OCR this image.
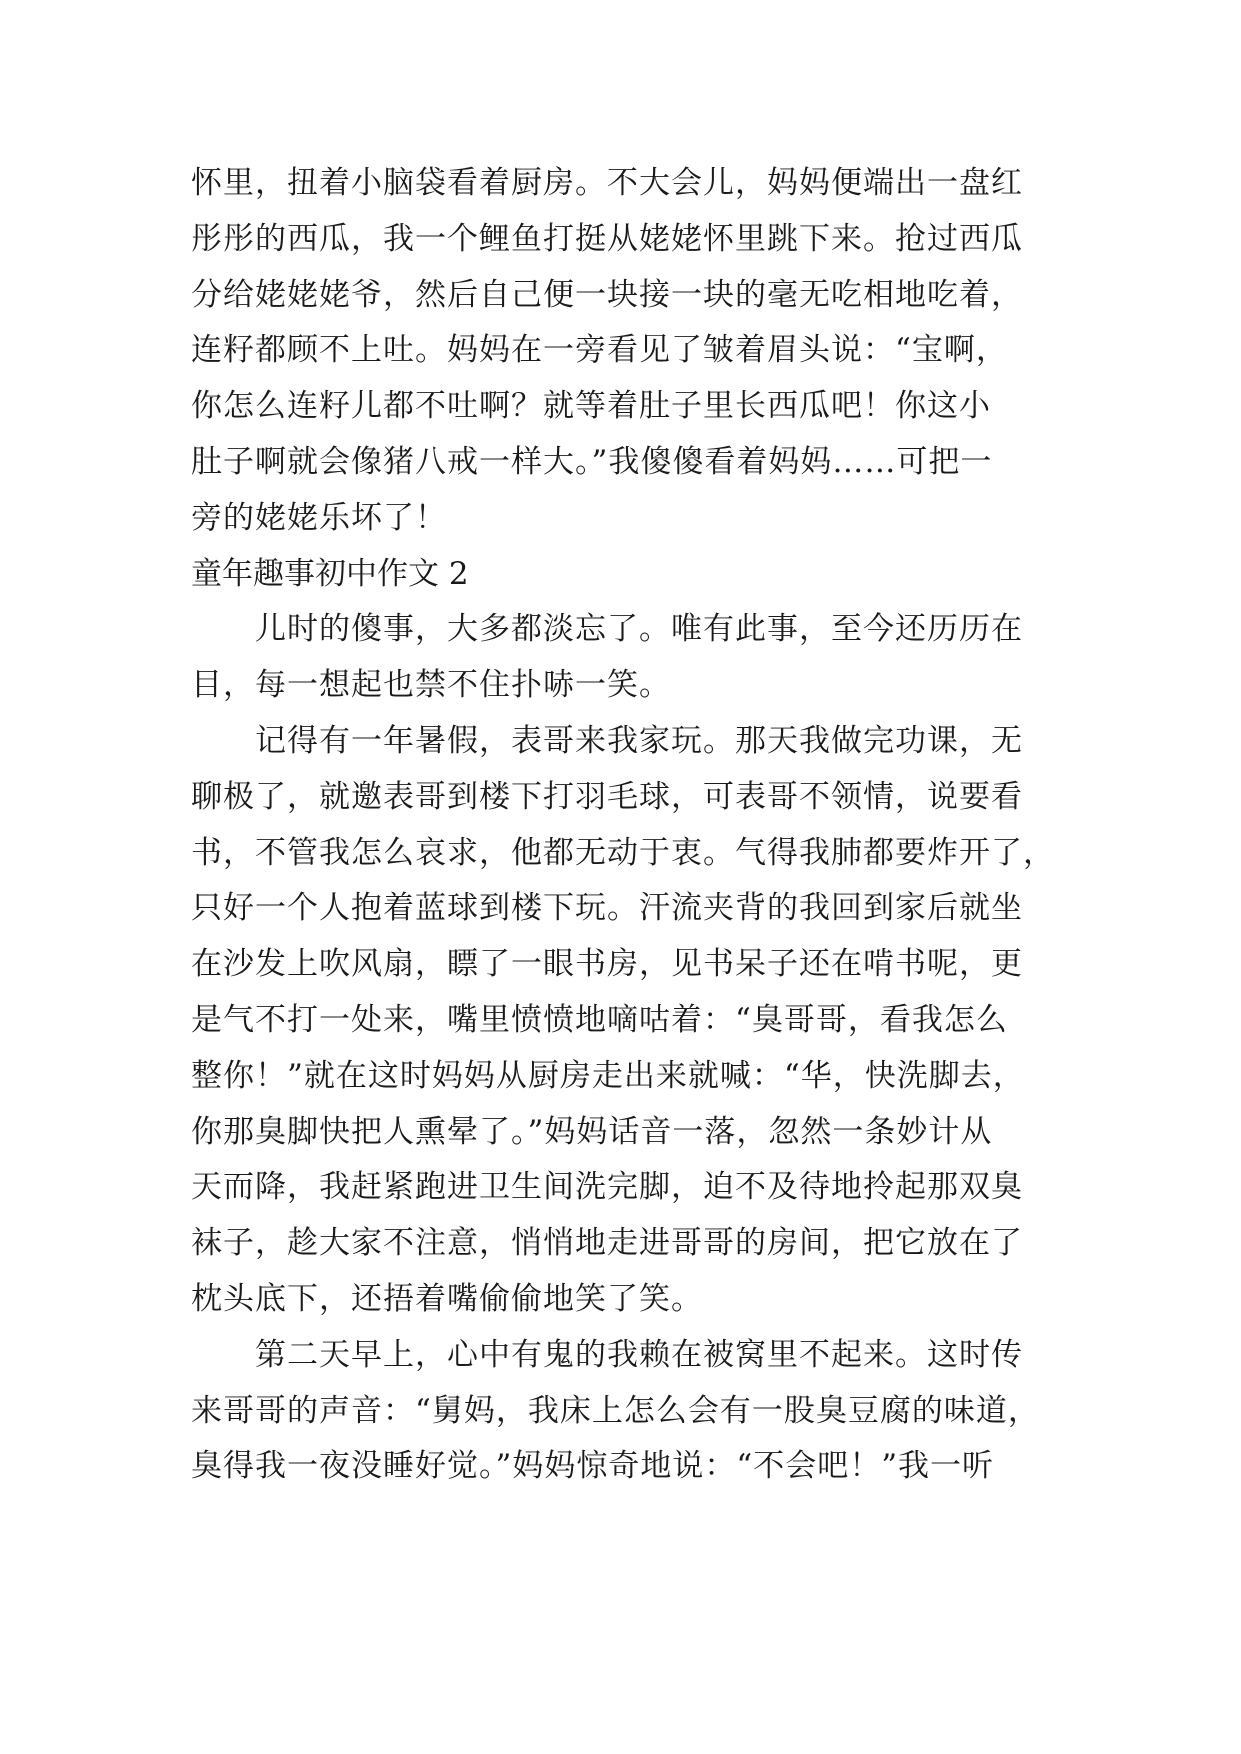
怀里，扭着小脑袋看着厨房。不大会儿，妈妈便端出一盘红
彤彤的西瓜，我一个鲤鱼打挺从姥姥怀里跳下来。抢过西瓜
分给姥姥姥爷，然后自己便一块接一块的毫无吃相地吃着，
连籽都顾不上吐。妈妈在一旁看见了皱着眉头说：“宝啊，
你怎么连籽儿都不吐啊？就等着肚子里长西瓜吧！你这小
肚子啊就会像猪八戒一样大。”我傻傻看着妈妈……可把一
旁的姥姥乐坏了！
童年趣事初中作文 2
儿时的傻事，大多都淡忘了。唯有此事，至今还历历在
目，每一想起也禁不住扑哧一笑。
记得有一年暑假，表哥来我家玩。那天我做完功课，无
聊极了，就邀表哥到楼下打羽毛球，可表哥不领情，说要看
书，不管我怎么哀求，他都无动于衷。气得我肺都要炸开了，
只好一个人抱着蓝球到楼下玩。汗流夹背的我回到家后就坐
在沙发上吹风扇，瞟了一眼书房，见书呆子还在啃书呢，更
是气不打一处来，嘴里愤愤地嘀咕着：“臭哥哥，看我怎么
整你！”就在这时妈妈从厨房走出来就喊：“华，快洗脚去，
你那臭脚快把人熏晕了。”妈妈话音一落，忽然一条妙计从
天而降，我赶紧跑进卫生间洗完脚，迫不及待地拎起那双臭
袜子，趁大家不注意，悄悄地走进哥哥的房间，把它放在了
枕头底下，还捂着嘴偷偷地笑了笑。
第二天早上，心中有鬼的我赖在被窝里不起来。这时传
来哥哥的声音：“舅妈，我床上怎么会有一股臭豆腐的味道，
臭得我一夜没睡好觉。”妈妈惊奇地说：“不会吧！”我一听
